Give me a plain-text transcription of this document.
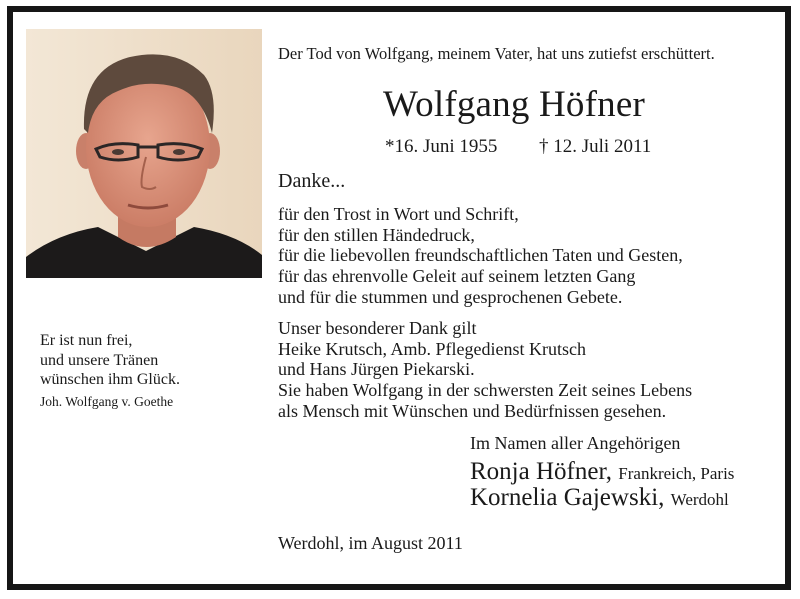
Der Tod von Wolfgang, meinem Vater, hat uns zutiefst erschüttert.
Wolfgang Höfner
*16. Juni 1955 † 12. Juli 2011
Danke...
für den Trost in Wort und Schrift,
für den stillen Händedruck,
für die liebevollen freundschaftlichen Taten und Gesten,
für das ehrenvolle Geleit auf seinem letzten Gang
und für die stummen und gesprochenen Gebete.
Unser besonderer Dank gilt
Heike Krutsch, Amb. Pflegedienst Krutsch
und Hans Jürgen Piekarski.
Sie haben Wolfgang in der schwersten Zeit seines Lebens
als Mensch mit Wünschen und Bedürfnissen gesehen.
Im Namen aller Angehörigen
Ronja Höfner, Frankreich, Paris
Kornelia Gajewski, Werdohl
Werdohl, im August 2011
Er ist nun frei,
und unsere Tränen
wünschen ihm Glück.
Joh. Wolfgang v. Goethe
